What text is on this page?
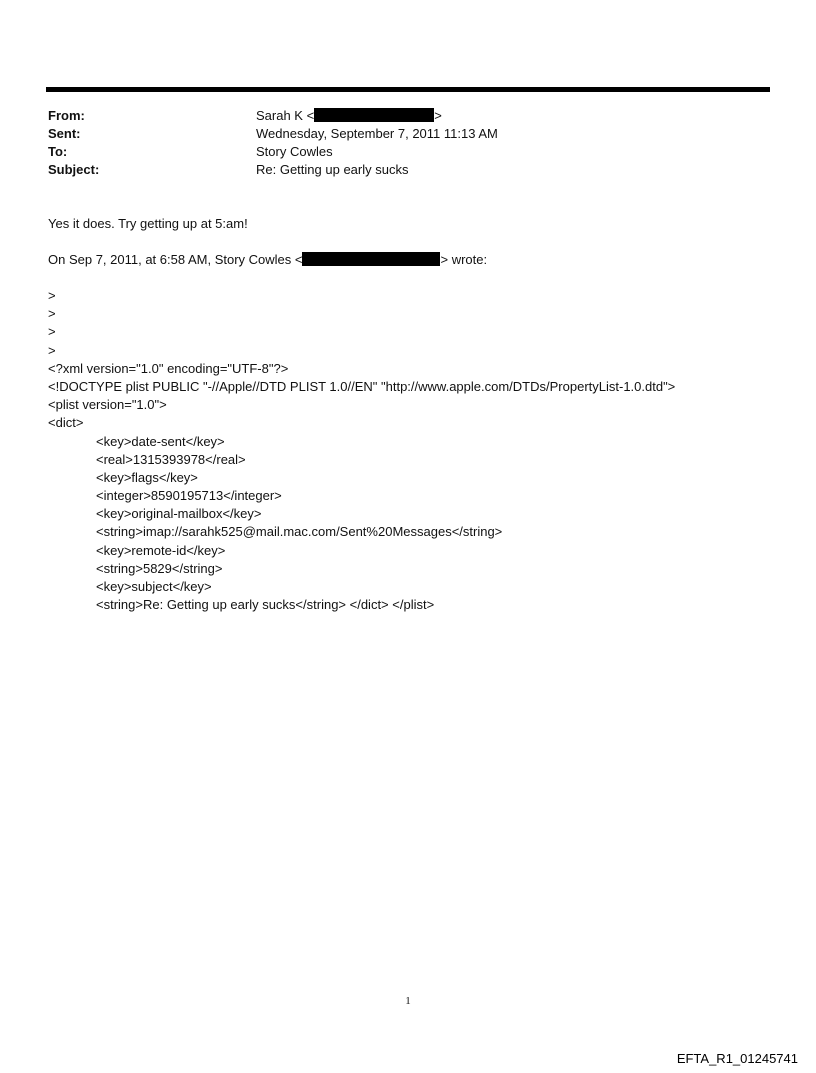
From:	Sarah K <	>
Sent:	Wednesday, September 7, 2011 11:13 AM
To:	Story Cowles
Subject:	Re: Getting up early sucks
Yes it does. Try getting up at 5:am!
On Sep 7, 2011, at 6:58 AM, Story Cowles <	> wrote:
>
>
>
>
<?xml version="1.0" encoding="UTF-8"?>
<!DOCTYPE plist PUBLIC "-//Apple//DTD PLIST 1.0//EN" "http://www.apple.com/DTDs/PropertyList-1.0.dtd">
<plist version="1.0">
<dict>
<key>date-sent</key>
<real>1315393978</real>
<key>flags</key>
<integer>8590195713</integer>
<key>original-mailbox</key>
<string>imap://sarahk525@mail.mac.com/Sent%20Messages</string>
<key>remote-id</key>
<string>5829</string>
<key>subject</key>
<string>Re: Getting up early sucks</string> </dict> </plist>
1
EFTA_R1_01245741
